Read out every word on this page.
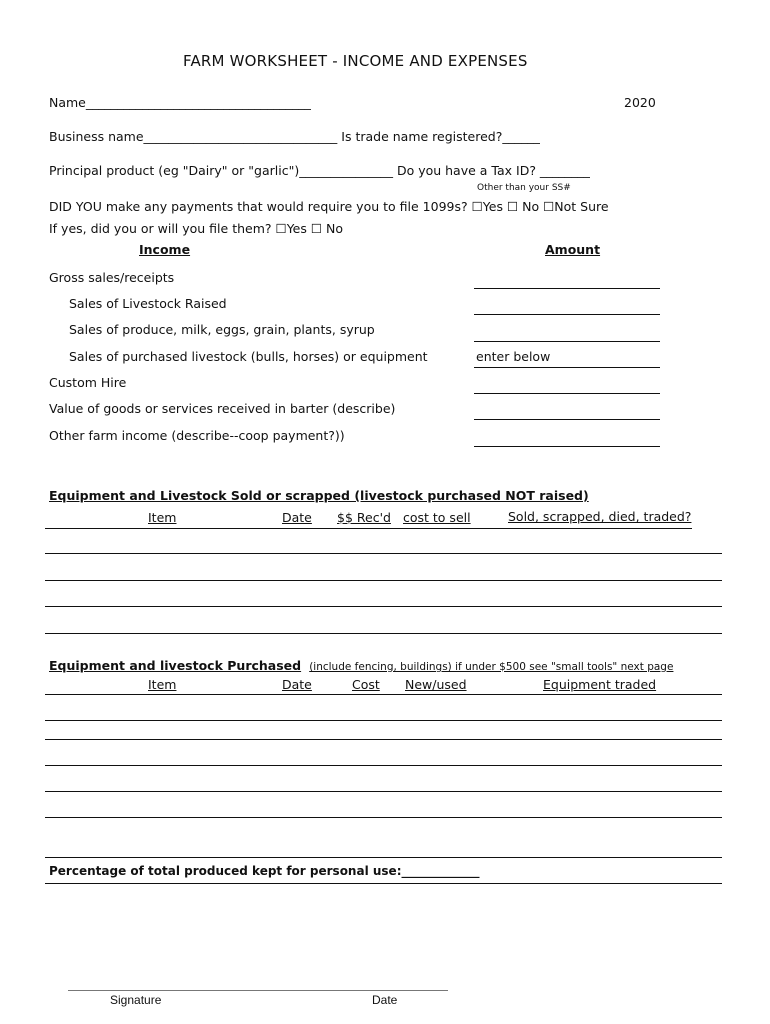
FARM WORKSHEET - INCOME AND EXPENSES
Name____________________________________	2020
Business name_______________________________ Is trade name registered?______
Principal product (eg "Dairy" or "garlic")_______________ Do you have a Tax ID? ________
Other than your SS#
DID YOU make any payments that would require you to file 1099s? ☐Yes ☐ No ☐Not Sure
If yes, did you or will you file them? ☐Yes ☐ No
Income	Amount
Gross sales/receipts
Sales of Livestock Raised
Sales of produce, milk, eggs, grain, plants, syrup
Sales of purchased livestock (bulls, horses) or equipment	enter below
Custom Hire
Value of goods or services received in barter (describe)
Other farm income (describe--coop payment?))
Equipment and Livestock Sold or scrapped (livestock purchased NOT raised)
Item	Date $$ Rec'd cost to sell	Sold, scrapped, died, traded?
Equipment and livestock Purchased (include fencing, buildings) if under $500 see "small tools" next page
Item	Date	Cost New/used	Equipment traded
Percentage of total produced kept for personal use:_____________
Signature	Date
